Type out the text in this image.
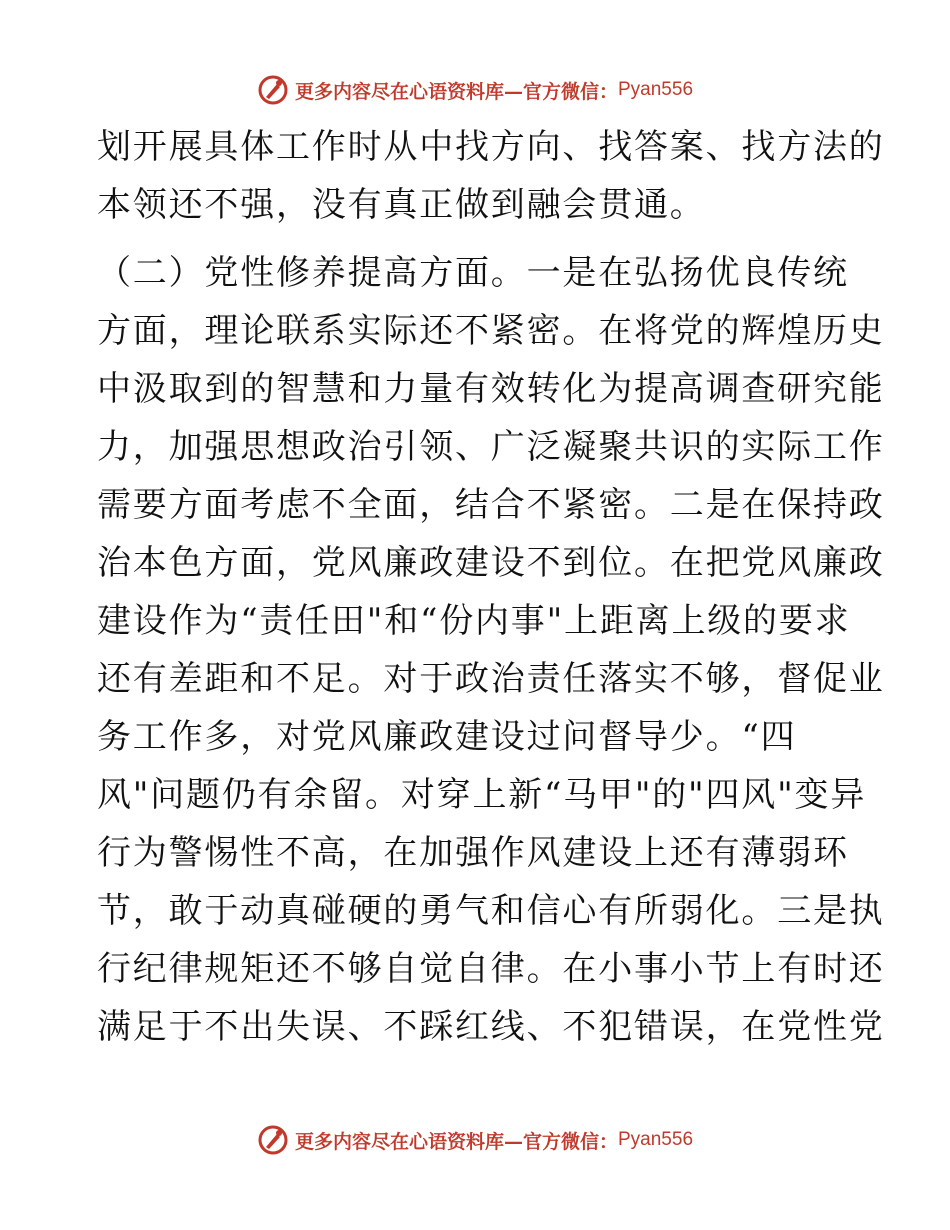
更多内容尽在心语资料库—官方微信： Pyan556
划开展具体工作时从中找方向、找答案、找方法的
本领还不强，没有真正做到融会贯通。
（二）党性修养提高方面。一是在弘扬优良传统
方面，理论联系实际还不紧密。在将党的辉煌历史
中汲取到的智慧和力量有效转化为提高调查研究能
力，加强思想政治引领、广泛凝聚共识的实际工作
需要方面考虑不全面，结合不紧密。二是在保持政
治本色方面，党风廉政建设不到位。在把党风廉政
建设作为“责任田"和“份内事"上距离上级的要求
还有差距和不足。对于政治责任落实不够，督促业
务工作多，对党风廉政建设过问督导少。“四
风"问题仍有余留。对穿上新“马甲"的"四风"变异
行为警惕性不高，在加强作风建设上还有薄弱环
节，敢于动真碰硬的勇气和信心有所弱化。三是执
行纪律规矩还不够自觉自律。在小事小节上有时还
满足于不出失误、不踩红线、不犯错误，在党性党
更多内容尽在心语资料库—官方微信： Pyan556
